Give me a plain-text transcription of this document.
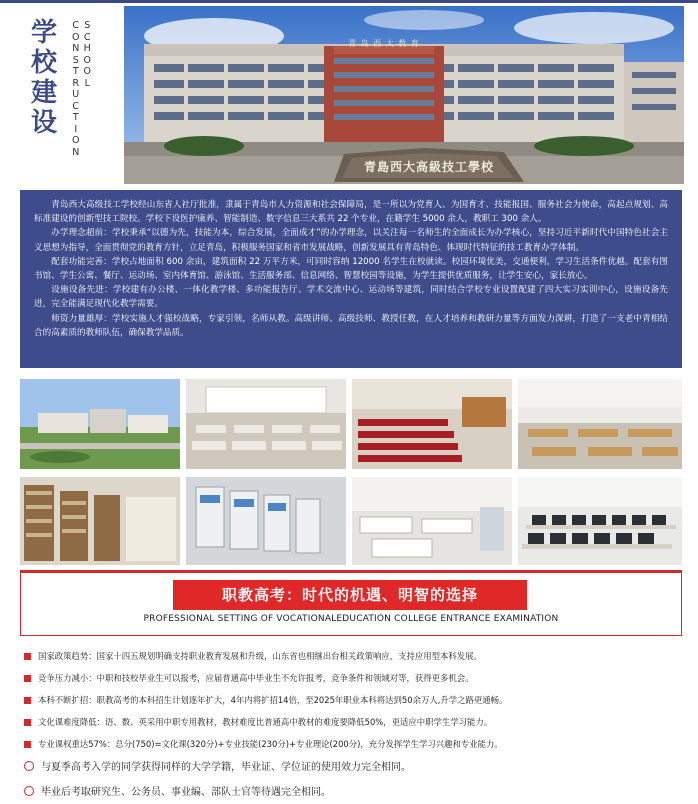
学
校
建
设
C
O
N
S
T
R
U
C
T
I
O
N
S
C
H
O
O
L
青 岛 西 大 教 育
青島西大高級技工學校

青岛西大高级技工学校经山东省人社厅批准，隶属于青岛市人力资源和社会保障局，是一所以为党育人、为国育才、技能报国、服务社会为使命，高起点规划、高标准建设的创新型技工院校。学校下设医护康养、智能制造、数字信息三大系共 22 个专业，在籍学生 5000 余人，教职工 300 余人。

办学理念超前：学校秉承“以德为先，技能为本，综合发展，全面成才”的办学理念，以关注每一名师生的全面成长为办学核心，坚持习近平新时代中国特色社会主义思想为指导，全面贯彻党的教育方针，立足青岛，积极服务国家和省市发展战略，创新发展具有青岛特色、体现时代特征的技工教育办学体制。

配套功能完善：学校占地面积 600 余亩，建筑面积 22 万平方米，可同时容纳 12000 名学生在校就读。校园环境优美，交通便利，学习生活条件优越。配套有图书馆、学生公寓、餐厅、运动场、室内体育馆、游泳馆、生活服务部、信息网络、智慧校园等设施，为学生提供优质服务，让学生安心，家长放心。

设施设备先进：学校建有办公楼、一体化教学楼、多功能报告厅、学术交流中心、运动场等建筑，同时结合学校专业设置配建了四大实习实训中心，设施设备先进，完全能满足现代化教学需要。

师资力量雄厚：学校实施人才强校战略，专家引领，名师从教。高级讲师、高级技师、教授任教，在人才培养和教研力量等方面发力深耕，打造了一支老中青相结合的高素质的教师队伍，确保教学品质。

职教高考：时代的机遇、明智的选择
PROFESSIONAL SETTING OF VOCATIONALEDUCATION COLLEGE ENTRANCE EXAMINATION
国家政策趋势：国家十四五规划明确支持职业教育发展和升级，山东省也相继出台相关政策响应，支持应用型本科发展。
竞争压力减小：中职和技校毕业生可以报考，应届普通高中毕业生不允许报考，竞争条件和领域对等，获得更多机会。
本科不断扩招：职教高考的本科招生计划逐年扩大，4年内将扩招14倍，至2025年职业本科将达到50余万人,升学之路更通畅。
文化课难度降低：语、数、英采用中职专用教材，教材难度比普通高中教材的难度要降低50%，更适应中职学生学习能力。
专业课权重达57%：总分(750)=文化课(320分)+专业技能(230分)+专业理论(200分)，充分发挥学生学习兴趣和专业能力。
与夏季高考入学的同学获得同样的大学学籍，毕业证、学位证的使用效力完全相同。
毕业后考取研究生、公务员、事业编、部队士官等待遇完全相同。
